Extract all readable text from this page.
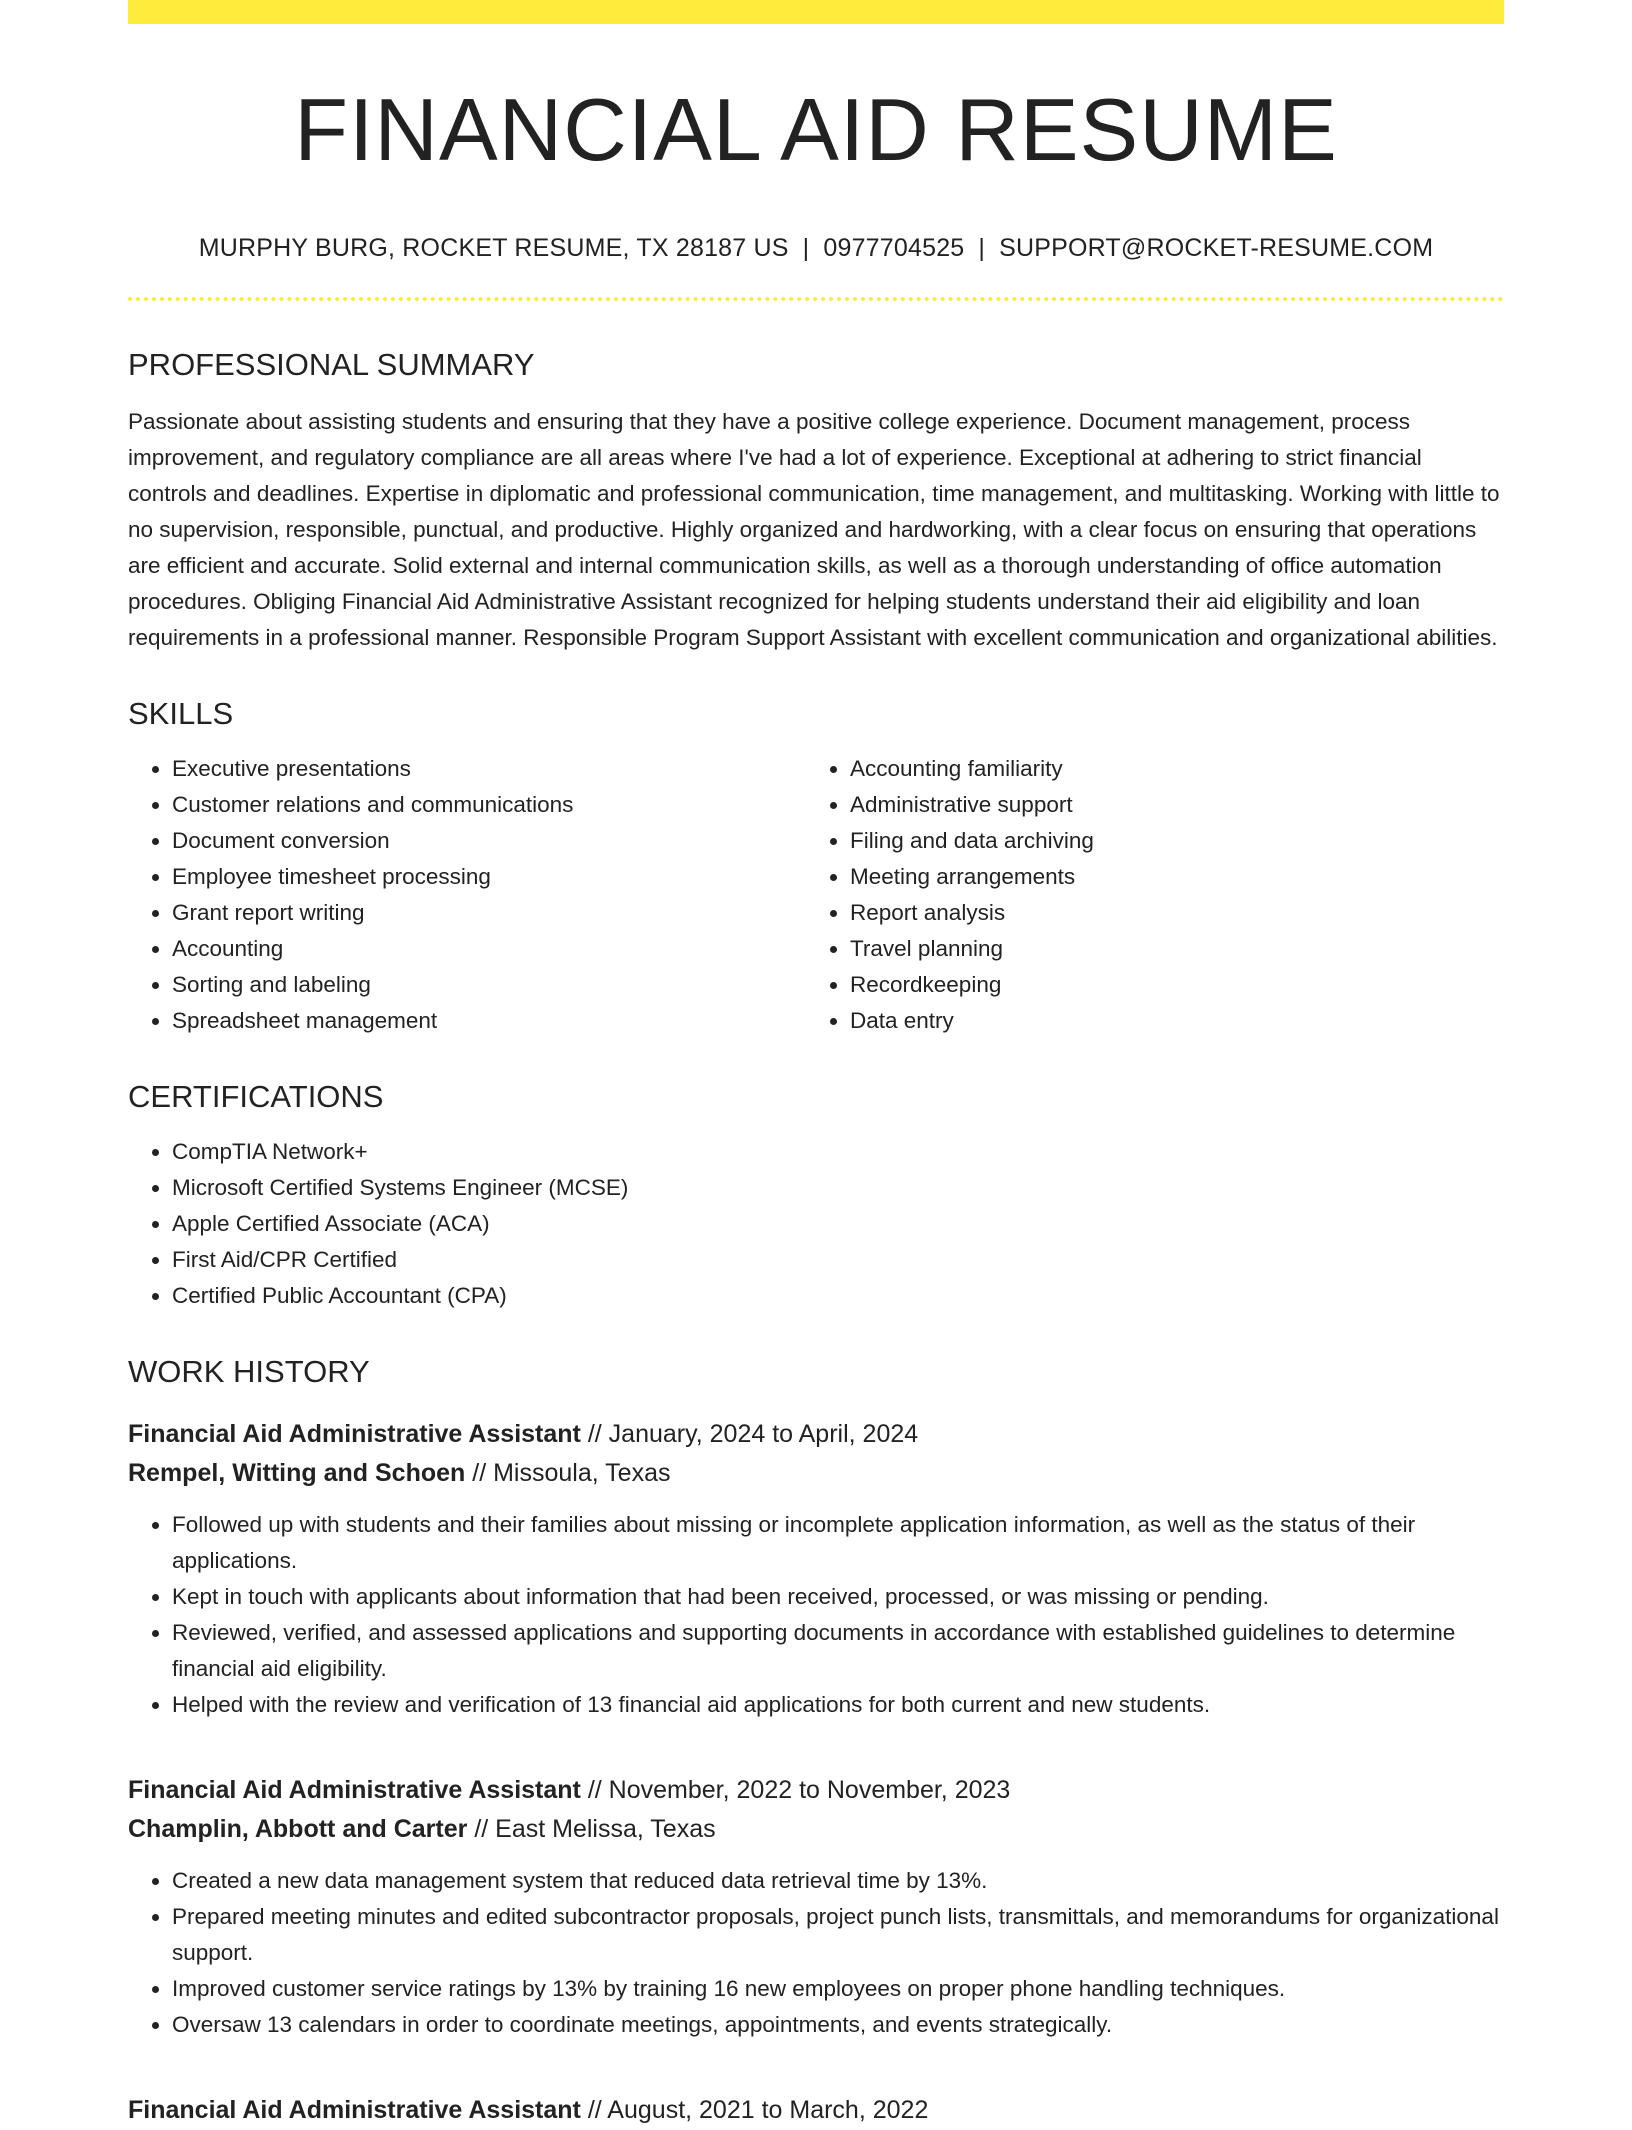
FINANCIAL AID RESUME
MURPHY BURG, ROCKET RESUME, TX 28187 US | 0977704525 | SUPPORT@ROCKET-RESUME.COM
PROFESSIONAL SUMMARY

Passionate about assisting students and ensuring that they have a positive college experience. Document management, process improvement, and regulatory compliance are all areas where I've had a lot of experience. Exceptional at adhering to strict financial controls and deadlines. Expertise in diplomatic and professional communication, time management, and multitasking. Working with little to no supervision, responsible, punctual, and productive. Highly organized and hardworking, with a clear focus on ensuring that operations are efficient and accurate. Solid external and internal communication skills, as well as a thorough understanding of office automation procedures. Obliging Financial Aid Administrative Assistant recognized for helping students understand their aid eligibility and loan requirements in a professional manner. Responsible Program Support Assistant with excellent communication and organizational abilities.

SKILLS
• Executive presentations
• Customer relations and communications
• Document conversion
• Employee timesheet processing
• Grant report writing
• Accounting
• Sorting and labeling
• Spreadsheet management
• Accounting familiarity
• Administrative support
• Filing and data archiving
• Meeting arrangements
• Report analysis
• Travel planning
• Recordkeeping
• Data entry
CERTIFICATIONS
• CompTIA Network+
• Microsoft Certified Systems Engineer (MCSE)
• Apple Certified Associate (ACA)
• First Aid/CPR Certified
• Certified Public Accountant (CPA)
WORK HISTORY
Financial Aid Administrative Assistant // January, 2024 to April, 2024
Rempel, Witting and Schoen // Missoula, Texas
• Followed up with students and their families about missing or incomplete application information, as well as the status of their applications.
• Kept in touch with applicants about information that had been received, processed, or was missing or pending.
• Reviewed, verified, and assessed applications and supporting documents in accordance with established guidelines to determine financial aid eligibility.
• Helped with the review and verification of 13 financial aid applications for both current and new students.
Financial Aid Administrative Assistant // November, 2022 to November, 2023
Champlin, Abbott and Carter // East Melissa, Texas
• Created a new data management system that reduced data retrieval time by 13%.
• Prepared meeting minutes and edited subcontractor proposals, project punch lists, transmittals, and memorandums for organizational support.
• Improved customer service ratings by 13% by training 16 new employees on proper phone handling techniques.
• Oversaw 13 calendars in order to coordinate meetings, appointments, and events strategically.
Financial Aid Administrative Assistant // August, 2021 to March, 2022
